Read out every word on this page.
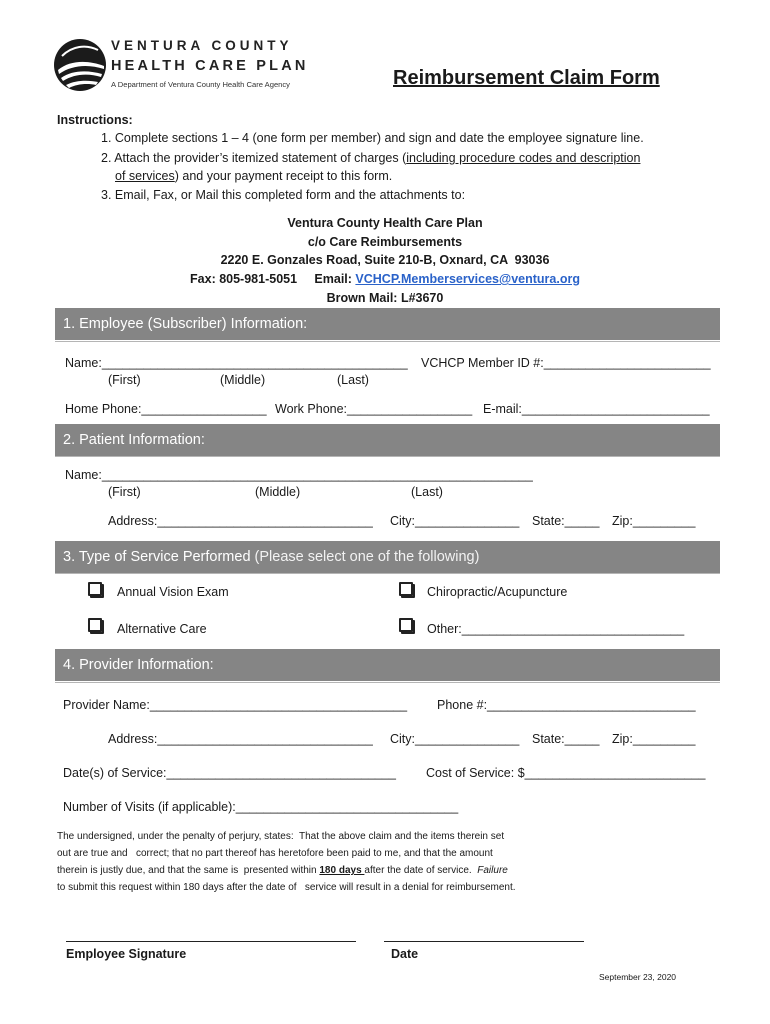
VENTURA COUNTY
HEALTH CARE PLAN
A Department of Ventura County Health Care Agency	Reimbursement Claim Form
Instructions:
1. Complete sections 1 – 4 (one form per member) and sign and date the employee signature line.
2. Attach the provider’s itemized statement of charges (including procedure codes and description
of services) and your payment receipt to this form.
3. Email, Fax, or Mail this completed form and the attachments to:
Ventura County Health Care Plan
c/o Care Reimbursements
2220 E. Gonzales Road, Suite 210-B, Oxnard, CA  93036
Fax: 805-981-5051     Email: VCHCP.Memberservices@ventura.org
Brown Mail: L#3670
1. Employee (Subscriber) Information:
Name:____________________________________________ VCHCP Member ID #:________________________
(First)	(Middle)	(Last)
Home Phone:__________________ Work Phone:__________________ E-mail:___________________________
2. Patient Information:
Name:______________________________________________________________
(First)	(Middle)	(Last)
Address:_______________________________ City:_______________ State:_____ Zip:_________
3. Type of Service Performed (Please select one of the following)
Annual Vision Exam	Chiropractic/Acupuncture
Alternative Care	Other:________________________________
4. Provider Information:
Provider Name:_____________________________________ Phone #:______________________________
Address:_______________________________ City:_______________ State:_____ Zip:_________
Date(s) of Service:_________________________________ Cost of Service: $__________________________
Number of Visits (if applicable):________________________________
The undersigned, under the penalty of perjury, states:  That the above claim and the items therein set
out are true and   correct; that no part thereof has heretofore been paid to me, and that the amount
therein is justly due, and that the same is  presented within 180 days after the date of service.  Failure
to submit this request within 180 days after the date of   service will result in a denial for reimbursement.
Employee Signature	Date
September 23, 2020
